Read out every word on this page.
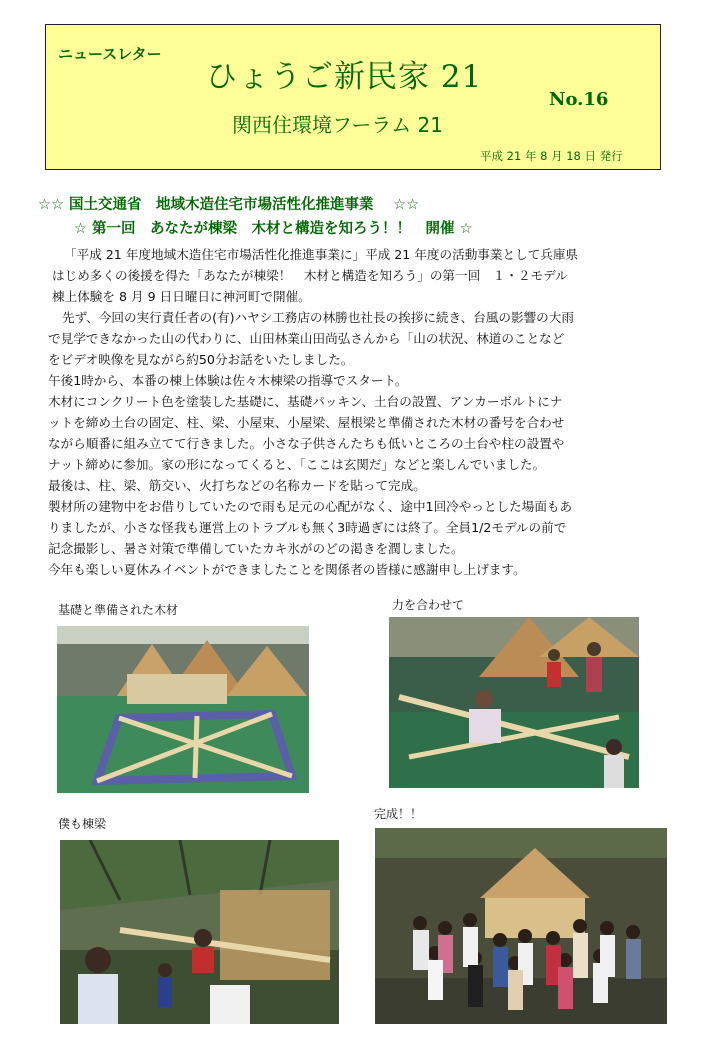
ニュースレター
ひょうご新民家 21
No.16
関西住環境フーラム 21
平成 21 年 8 月 18 日 発行
☆☆ 国土交通省　地域木造住宅市場活性化推進事業　 ☆☆
☆ 第一回　あなたが棟梁　木材と構造を知ろう！！　開催 ☆

「平成 21 年度地域木造住宅市場活性化推進事業に」平成 21 年度の活動事業として兵庫県

はじめ多くの後援を得た「あなたが棟梁！　木材と構造を知ろう」の第一回　１・２モデル

棟上体験を 8 月 9 日日曜日に神河町で開催。

先ず、今回の実行責任者の(有)ハヤシ工務店の林勝也社長の挨拶に続き、台風の影響の大雨

で見学できなかった山の代わりに、山田林業山田尚弘さんから「山の状況、林道のことなど

をビデオ映像を見ながら約50分お話をいたしました。

午後1時から、本番の棟上体験は佐々木棟梁の指導でスタート。

木材にコンクリート色を塗装した基礎に、基礎パッキン、土台の設置、アンカーボルトにナ

ットを締め土台の固定、柱、梁、小屋束、小屋梁、屋根梁と準備された木材の番号を合わせ

ながら順番に組み立てて行きました。小さな子供さんたちも低いところの土台や柱の設置や

ナット締めに参加。家の形になってくると、「ここは玄関だ」などと楽しんでいました。

最後は、柱、梁、筋交い、火打ちなどの名称カードを貼って完成。

製材所の建物中をお借りしていたので雨も足元の心配がなく、途中1回冷やっとした場面もあ

りましたが、小さな怪我も運営上のトラブルも無く3時過ぎには終了。全員1/2モデルの前で

記念撮影し、暑さ対策で準備していたカキ氷がのどの渇きを潤しました。

今年も楽しい夏休みイベントができましたことを関係者の皆様に感謝申し上げます。

基礎と準備された木材	力を合わせて
僕も棟梁
完成！！
